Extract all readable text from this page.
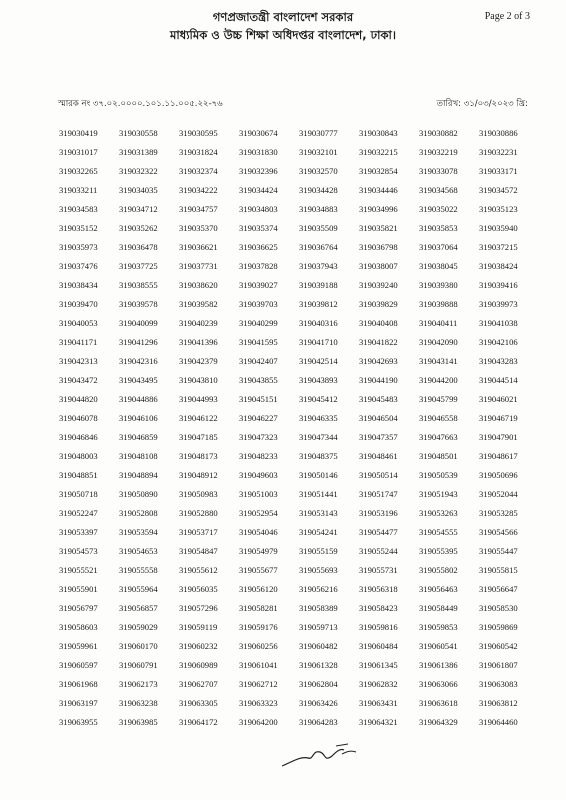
গণপ্রজাতন্ত্রী বাংলাদেশ সরকার
মাধ্যমিক ও উচ্চ শিক্ষা অধিদপ্তর বাংলাদেশ, ঢাকা।
Page 2 of 3
স্মারক নং ৩৭.০২.০০০০.১০১.১১.০০৫.২২-৭৬	তারিখ: ৩১/০৩/২০২৩ খ্রি:
319030419	319030558	319030595	319030674	319030777	319030843	319030882	319030886
319031017	319031389	319031824	319031830	319032101	319032215	319032219	319032231
319032265	319032322	319032374	319032396	319032570	319032854	319033078	319033171
319033211	319034035	319034222	319034424	319034428	319034446	319034568	319034572
319034583	319034712	319034757	319034803	319034883	319034996	319035022	319035123
319035152	319035262	319035370	319035374	319035509	319035821	319035853	319035940
319035973	319036478	319036621	319036625	319036764	319036798	319037064	319037215
319037476	319037725	319037731	319037828	319037943	319038007	319038045	319038424
319038434	319038555	319038620	319039027	319039188	319039240	319039380	319039416
319039470	319039578	319039582	319039703	319039812	319039829	319039888	319039973
319040053	319040099	319040239	319040299	319040316	319040408	319040411	319041038
319041171	319041296	319041396	319041595	319041710	319041822	319042090	319042106
319042313	319042316	319042379	319042407	319042514	319042693	319043141	319043283
319043472	319043495	319043810	319043855	319043893	319044190	319044200	319044514
319044820	319044886	319044993	319045151	319045412	319045483	319045799	319046021
319046078	319046106	319046122	319046227	319046335	319046504	319046558	319046719
319046846	319046859	319047185	319047323	319047344	319047357	319047663	319047901
319048003	319048108	319048173	319048233	319048375	319048461	319048501	319048617
319048851	319048894	319048912	319049603	319050146	319050514	319050539	319050696
319050718	319050890	319050983	319051003	319051441	319051747	319051943	319052044
319052247	319052808	319052880	319052954	319053143	319053196	319053263	319053285
319053397	319053594	319053717	319054046	319054241	319054477	319054555	319054566
319054573	319054653	319054847	319054979	319055159	319055244	319055395	319055447
319055521	319055558	319055612	319055677	319055693	319055731	319055802	319055815
319055901	319055964	319056035	319056120	319056216	319056318	319056463	319056647
319056797	319056857	319057296	319058281	319058389	319058423	319058449	319058530
319058603	319059029	319059119	319059176	319059713	319059816	319059853	319059869
319059961	319060170	319060232	319060256	319060482	319060484	319060541	319060542
319060597	319060791	319060989	319061041	319061328	319061345	319061386	319061807
319061968	319062173	319062707	319062712	319062804	319062832	319063066	319063083
319063197	319063238	319063305	319063323	319063426	319063431	319063618	319063812
319063955	319063985	319064172	319064200	319064283	319064321	319064329	319064460
